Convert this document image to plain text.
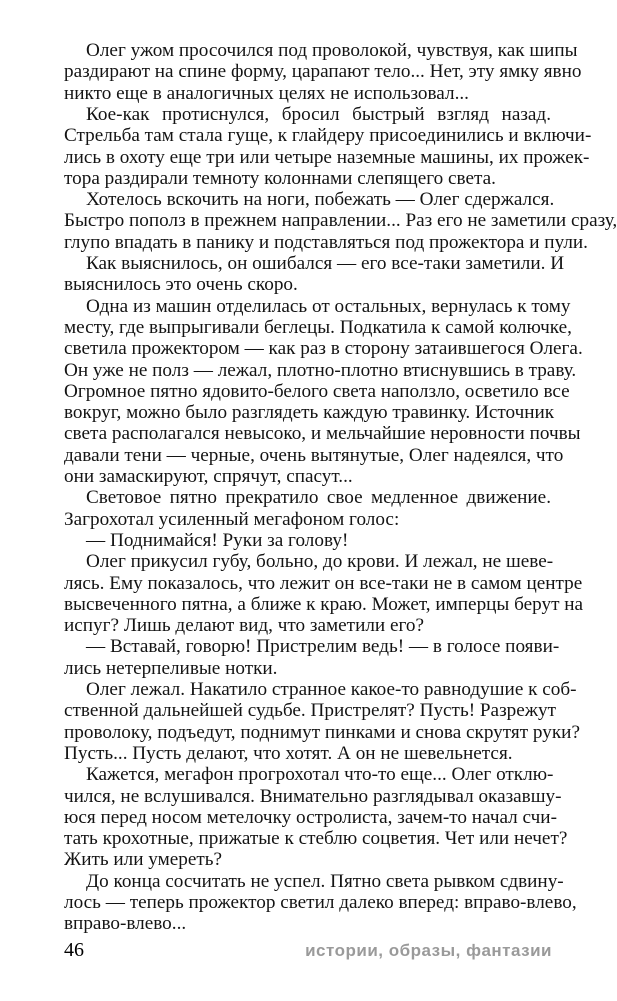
Олег ужом просочился под проволокой, чувствуя, как шипы

раздирают на спине форму, царапают тело... Нет, эту ямку явно

никто еще в аналогичных целях не использовал...

Кое-как протиснулся, бросил быстрый взгляд назад.

Стрельба там стала гуще, к глайдеру присоединились и включи-

лись в охоту еще три или четыре наземные машины, их прожек-

тора раздирали темноту колоннами слепящего света.

Хотелось вскочить на ноги, побежать — Олег сдержался.

Быстро пополз в прежнем направлении... Раз его не заметили сразу,

глупо впадать в панику и подставляться под прожектора и пули.

Как выяснилось, он ошибался — его все-таки заметили. И

выяснилось это очень скоро.

Одна из машин отделилась от остальных, вернулась к тому

месту, где выпрыгивали беглецы. Подкатила к самой колючке,

светила прожектором — как раз в сторону затаившегося Олега.

Он уже не полз — лежал, плотно-плотно втиснувшись в траву.

Огромное пятно ядовито-белого света наползло, осветило все

вокруг, можно было разглядеть каждую травинку. Источник

света располагался невысоко, и мельчайшие неровности почвы

давали тени — черные, очень вытянутые, Олег надеялся, что

они замаскируют, спрячут, спасут...

Световое пятно прекратило свое медленное движение.

Загрохотал усиленный мегафоном голос:

— Поднимайся! Руки за голову!

Олег прикусил губу, больно, до крови. И лежал, не шеве-

лясь. Ему показалось, что лежит он все-таки не в самом центре

высвеченного пятна, а ближе к краю. Может, имперцы берут на

испуг? Лишь делают вид, что заметили его?

— Вставай, говорю! Пристрелим ведь! — в голосе появи-

лись нетерпеливые нотки.

Олег лежал. Накатило странное какое-то равнодушие к соб-

ственной дальнейшей судьбе. Пристрелят? Пусть! Разрежут

проволоку, подъедут, поднимут пинками и снова скрутят руки?

Пусть... Пусть делают, что хотят. А он не шевельнется.

Кажется, мегафон прогрохотал что-то еще... Олег отклю-

чился, не вслушивался. Внимательно разглядывал оказавшу-

юся перед носом метелочку остролиста, зачем-то начал счи-

тать крохотные, прижатые к стеблю соцветия. Чет или нечет?

Жить или умереть?

До конца сосчитать не успел. Пятно света рывком сдвину-

лось — теперь прожектор светил далеко вперед: вправо-влево,

вправо-влево...

46	истории, образы, фантазии
